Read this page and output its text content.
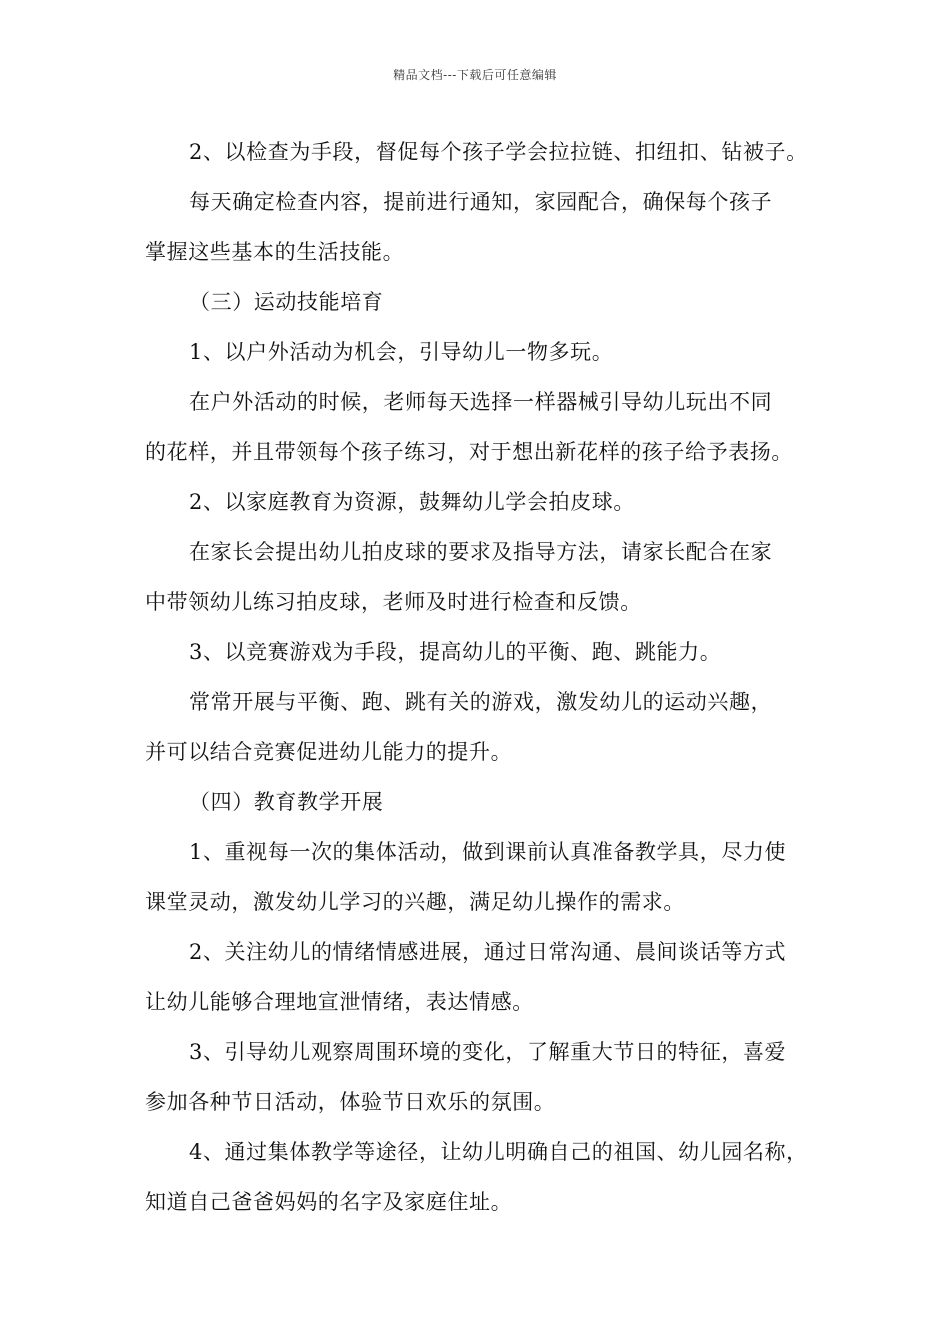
精品文档---下载后可任意编辑
2、以检查为手段，督促每个孩子学会拉拉链、扣纽扣、钻被子。
每天确定检查内容，提前进行通知，家园配合，确保每个孩子
掌握这些基本的生活技能。
（三）运动技能培育
1、以户外活动为机会，引导幼儿一物多玩。
在户外活动的时候，老师每天选择一样器械引导幼儿玩出不同
的花样，并且带领每个孩子练习，对于想出新花样的孩子给予表扬。
2、以家庭教育为资源，鼓舞幼儿学会拍皮球。
在家长会提出幼儿拍皮球的要求及指导方法，请家长配合在家
中带领幼儿练习拍皮球，老师及时进行检查和反馈。
3、以竞赛游戏为手段，提高幼儿的平衡、跑、跳能力。
常常开展与平衡、跑、跳有关的游戏，激发幼儿的运动兴趣，
并可以结合竞赛促进幼儿能力的提升。
（四）教育教学开展
1、重视每一次的集体活动，做到课前认真准备教学具，尽力使
课堂灵动，激发幼儿学习的兴趣，满足幼儿操作的需求。
2、关注幼儿的情绪情感进展，通过日常沟通、晨间谈话等方式
让幼儿能够合理地宣泄情绪，表达情感。
3、引导幼儿观察周围环境的变化，了解重大节日的特征，喜爱
参加各种节日活动，体验节日欢乐的氛围。
4、通过集体教学等途径，让幼儿明确自己的祖国、幼儿园名称，
知道自己爸爸妈妈的名字及家庭住址。
